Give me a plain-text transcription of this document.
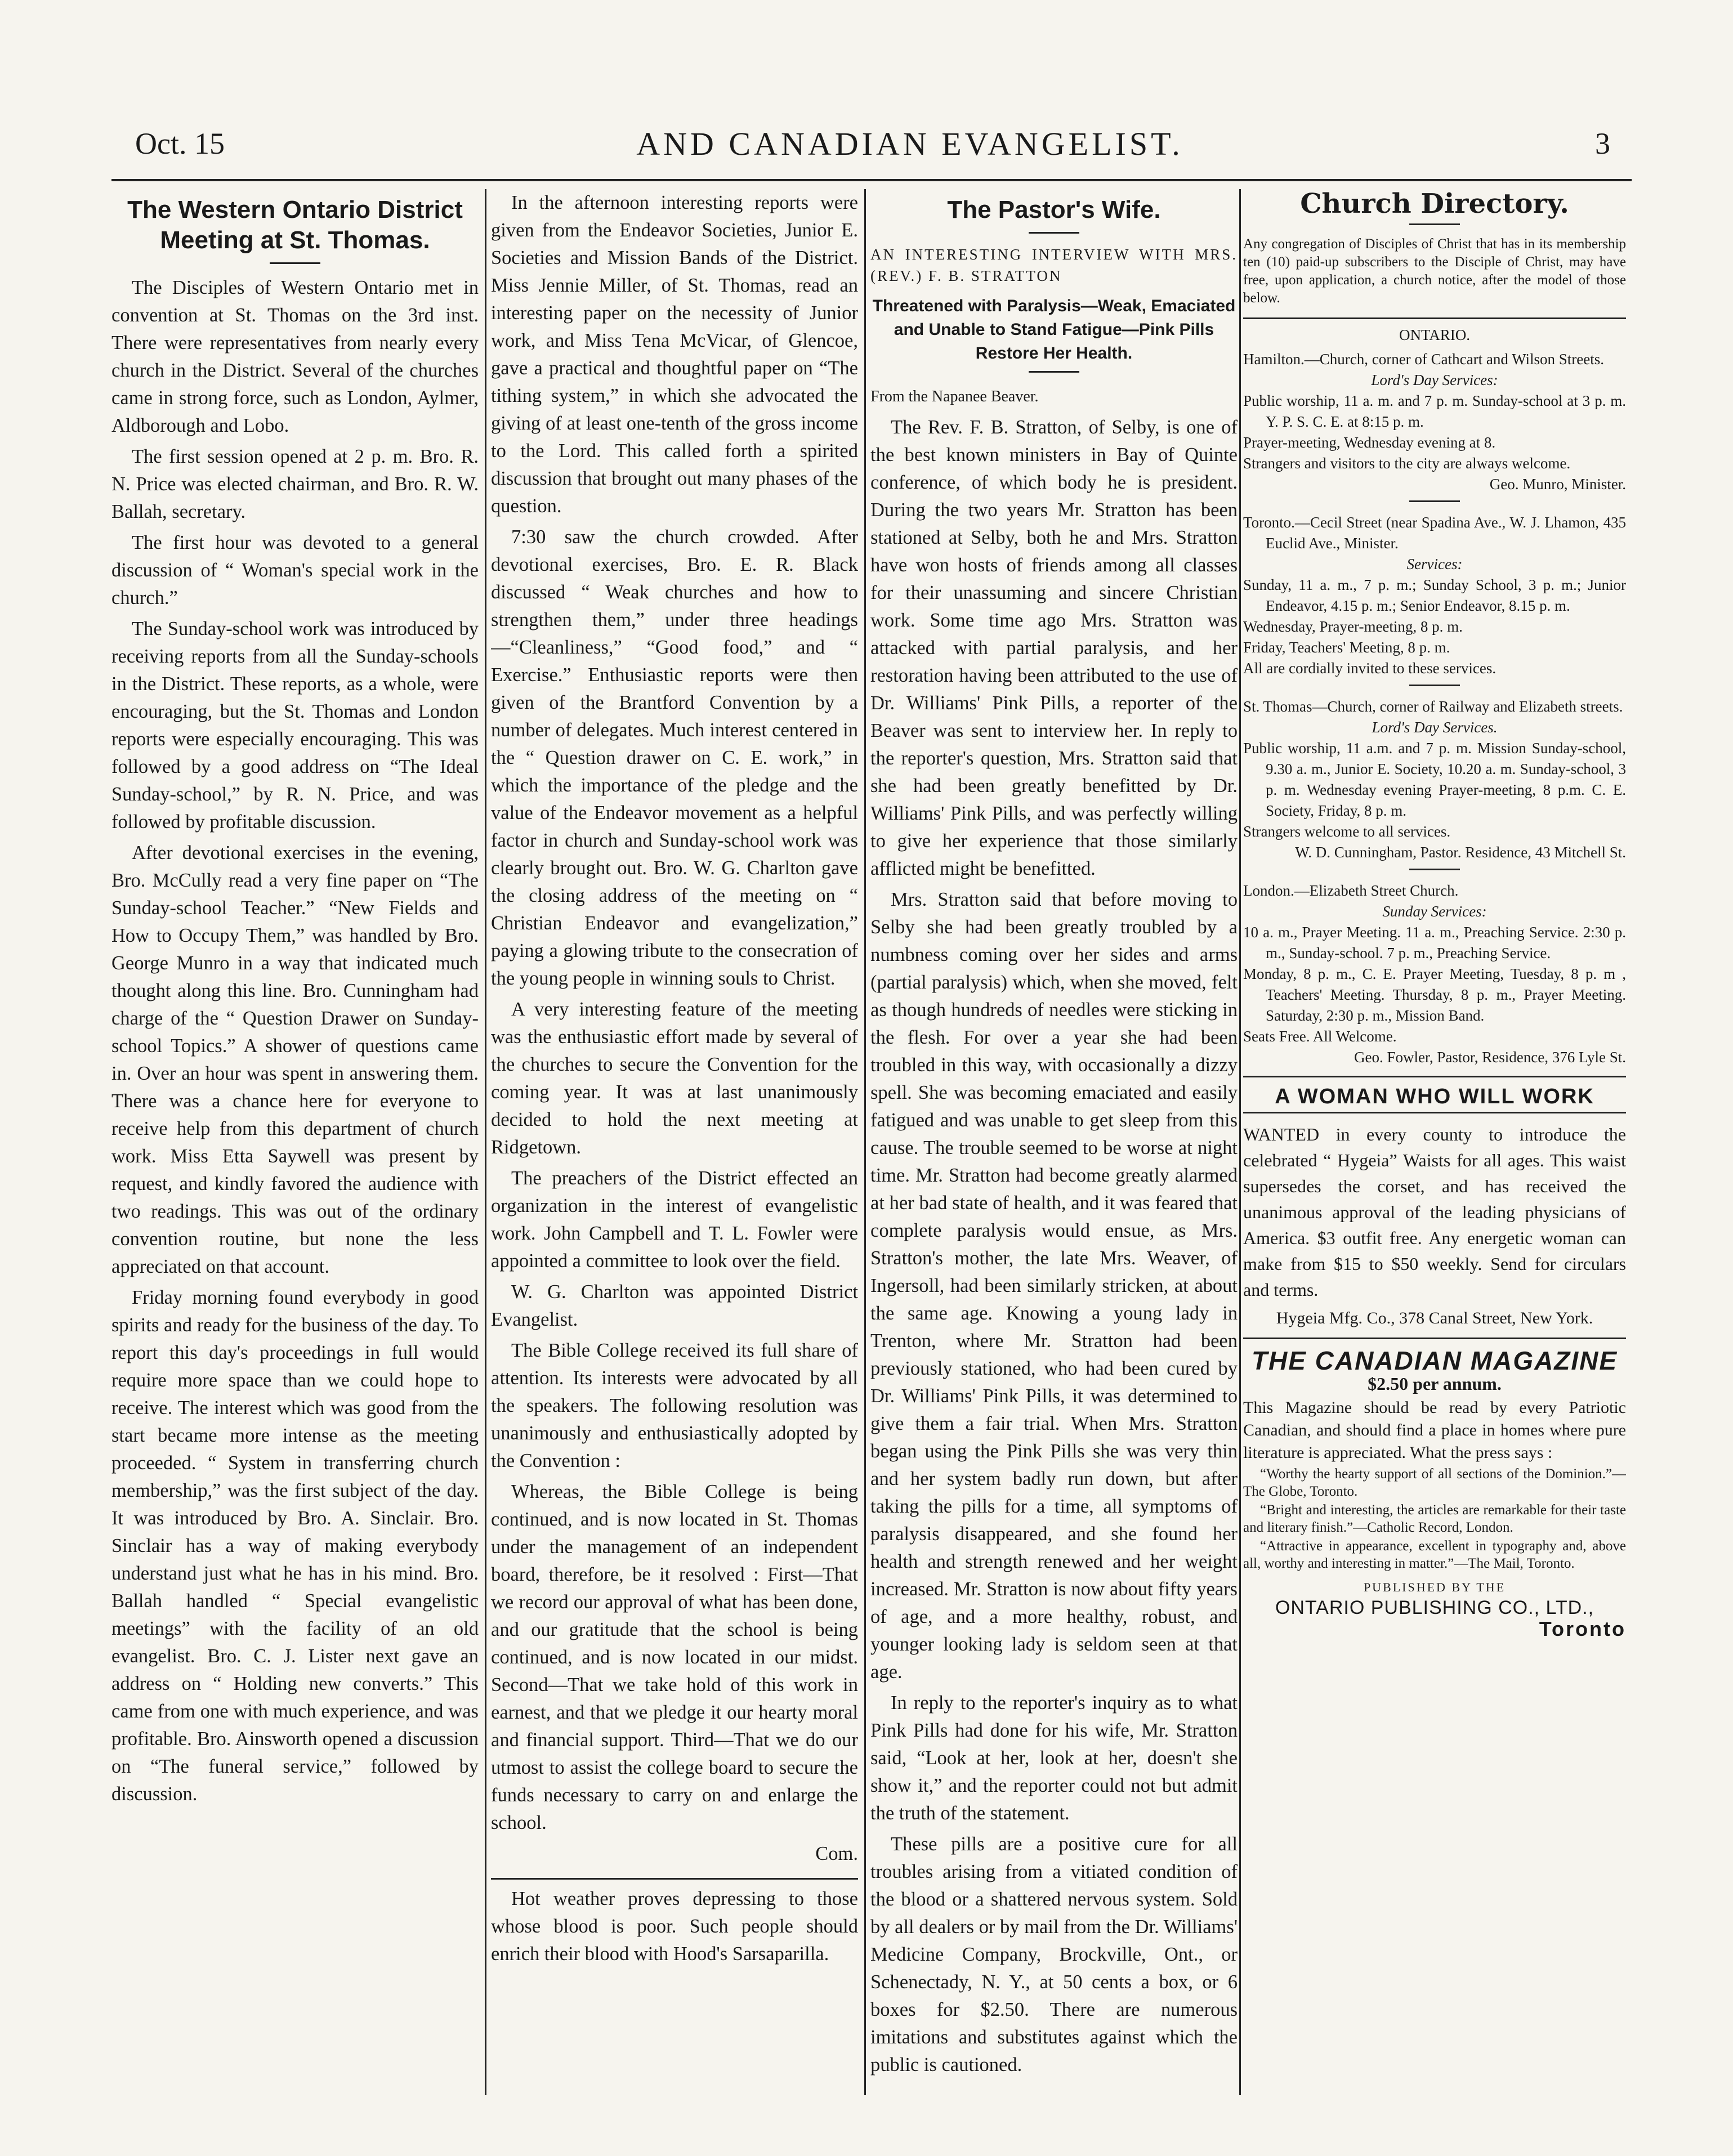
Oct. 15	AND CANADIAN EVANGELIST.	3
The Western Ontario District Meeting at St. Thomas.

The Disciples of Western Ontario met in convention at St. Thomas on the 3rd inst. There were representatives from nearly every church in the District. Several of the churches came in strong force, such as London, Aylmer, Aldborough and Lobo.

The first session opened at 2 p. m. Bro. R. N. Price was elected chairman, and Bro. R. W. Ballah, secretary.

The first hour was devoted to a general discussion of “ Woman's special work in the church.”

The Sunday-school work was introduced by receiving reports from all the Sunday-schools in the District. These reports, as a whole, were encouraging, but the St. Thomas and London reports were especially encouraging. This was followed by a good address on “The Ideal Sunday-school,” by R. N. Price, and was followed by profitable discussion.

After devotional exercises in the evening, Bro. McCully read a very fine paper on “The Sunday-school Teacher.” “New Fields and How to Occupy Them,” was handled by Bro. George Munro in a way that indicated much thought along this line. Bro. Cunningham had charge of the “ Question Drawer on Sunday-school Topics.” A shower of questions came in. Over an hour was spent in answering them. There was a chance here for everyone to receive help from this department of church work. Miss Etta Saywell was present by request, and kindly favored the audience with two readings. This was out of the ordinary convention routine, but none the less appreciated on that account.

Friday morning found everybody in good spirits and ready for the business of the day. To report this day's proceedings in full would require more space than we could hope to receive. The interest which was good from the start became more intense as the meeting proceeded. “ System in transferring church membership,” was the first subject of the day. It was introduced by Bro. A. Sinclair. Bro. Sinclair has a way of making everybody understand just what he has in his mind. Bro. Ballah handled “ Special evangelistic meetings” with the facility of an old evangelist. Bro. C. J. Lister next gave an address on “ Holding new converts.” This came from one with much experience, and was profitable. Bro. Ainsworth opened a discussion on “The funeral service,” followed by discussion.

In the afternoon interesting reports were given from the Endeavor Societies, Junior E. Societies and Mission Bands of the District. Miss Jennie Miller, of St. Thomas, read an interesting paper on the necessity of Junior work, and Miss Tena McVicar, of Glencoe, gave a practical and thoughtful paper on “The tithing system,” in which she advocated the giving of at least one-tenth of the gross income to the Lord. This called forth a spirited discussion that brought out many phases of the question.

7:30 saw the church crowded. After devotional exercises, Bro. E. R. Black discussed “ Weak churches and how to strengthen them,” under three headings—“Cleanliness,” “Good food,” and “ Exercise.” Enthusiastic reports were then given of the Brantford Convention by a number of delegates. Much interest centered in the “ Question drawer on C. E. work,” in which the importance of the pledge and the value of the Endeavor movement as a helpful factor in church and Sunday-school work was clearly brought out. Bro. W. G. Charlton gave the closing address of the meeting on “ Christian Endeavor and evangelization,” paying a glowing tribute to the consecration of the young people in winning souls to Christ.

A very interesting feature of the meeting was the enthusiastic effort made by several of the churches to secure the Convention for the coming year. It was at last unanimously decided to hold the next meeting at Ridgetown.

The preachers of the District effected an organization in the interest of evangelistic work. John Campbell and T. L. Fowler were appointed a committee to look over the field.

W. G. Charlton was appointed District Evangelist.

The Bible College received its full share of attention. Its interests were advocated by all the speakers. The following resolution was unanimously and enthusiastically adopted by the Convention :

Whereas, the Bible College is being continued, and is now located in St. Thomas under the management of an independent board, therefore, be it resolved : First—That we record our approval of what has been done, and our gratitude that the school is being continued, and is now located in our midst. Second—That we take hold of this work in earnest, and that we pledge it our hearty moral and financial support. Third—That we do our utmost to assist the college board to secure the funds necessary to carry on and enlarge the school.

Com.

Hot weather proves depressing to those whose blood is poor. Such people should enrich their blood with Hood's Sarsaparilla.

The Pastor's Wife.

AN INTERESTING INTERVIEW WITH MRS. (REV.) F. B. STRATTON

Threatened with Paralysis—Weak, Emaciated and Unable to Stand Fatigue—Pink Pills Restore Her Health.

From the Napanee Beaver.

The Rev. F. B. Stratton, of Selby, is one of the best known ministers in Bay of Quinte conference, of which body he is president. During the two years Mr. Stratton has been stationed at Selby, both he and Mrs. Stratton have won hosts of friends among all classes for their unassuming and sincere Christian work. Some time ago Mrs. Stratton was attacked with partial paralysis, and her restoration having been attributed to the use of Dr. Williams' Pink Pills, a reporter of the Beaver was sent to interview her. In reply to the reporter's question, Mrs. Stratton said that she had been greatly benefitted by Dr. Williams' Pink Pills, and was perfectly willing to give her experience that those similarly afflicted might be benefitted.

Mrs. Stratton said that before moving to Selby she had been greatly troubled by a numbness coming over her sides and arms (partial paralysis) which, when she moved, felt as though hundreds of needles were sticking in the flesh. For over a year she had been troubled in this way, with occasionally a dizzy spell. She was becoming emaciated and easily fatigued and was unable to get sleep from this cause. The trouble seemed to be worse at night time. Mr. Stratton had become greatly alarmed at her bad state of health, and it was feared that complete paralysis would ensue, as Mrs. Stratton's mother, the late Mrs. Weaver, of Ingersoll, had been similarly stricken, at about the same age. Knowing a young lady in Trenton, where Mr. Stratton had been previously stationed, who had been cured by Dr. Williams' Pink Pills, it was determined to give them a fair trial. When Mrs. Stratton began using the Pink Pills she was very thin and her system badly run down, but after taking the pills for a time, all symptoms of paralysis disappeared, and she found her health and strength renewed and her weight increased. Mr. Stratton is now about fifty years of age, and a more healthy, robust, and younger looking lady is seldom seen at that age.

In reply to the reporter's inquiry as to what Pink Pills had done for his wife, Mr. Stratton said, “Look at her, look at her, doesn't she show it,” and the reporter could not but admit the truth of the statement.

These pills are a positive cure for all troubles arising from a vitiated condition of the blood or a shattered nervous system. Sold by all dealers or by mail from the Dr. Williams' Medicine Company, Brockville, Ont., or Schenectady, N. Y., at 50 cents a box, or 6 boxes for $2.50. There are numerous imitations and substitutes against which the public is cautioned.

Church Directory.
Any congregation of Disciples of Christ that has in its membership ten (10) paid-up subscribers to the Disciple of Christ, may have free, upon application, a church notice, after the model of those below.
ONTARIO.
Hamilton.—Church, corner of Cathcart and Wilson Streets.
Lord's Day Services:
Public worship, 11 a. m. and 7 p. m. Sunday-school at 3 p. m. Y. P. S. C. E. at 8:15 p. m.
Prayer-meeting, Wednesday evening at 8.
Strangers and visitors to the city are always welcome.
Geo. Munro, Minister.
Toronto.—Cecil Street (near Spadina Ave., W. J. Lhamon, 435 Euclid Ave., Minister.
Services:
Sunday, 11 a. m., 7 p. m.; Sunday School, 3 p. m.; Junior Endeavor, 4.15 p. m.; Senior Endeavor, 8.15 p. m.
Wednesday, Prayer-meeting, 8 p. m.
Friday, Teachers' Meeting, 8 p. m.
All are cordially invited to these services.
St. Thomas—Church, corner of Railway and Elizabeth streets.
Lord's Day Services.
Public worship, 11 a.m. and 7 p. m. Mission Sunday-school, 9.30 a. m., Junior E. Society, 10.20 a. m. Sunday-school, 3 p. m. Wednesday evening Prayer-meeting, 8 p.m. C. E. Society, Friday, 8 p. m.
Strangers welcome to all services.
W. D. Cunningham, Pastor. Residence, 43 Mitchell St.
London.—Elizabeth Street Church.
Sunday Services:
10 a. m., Prayer Meeting. 11 a. m., Preaching Service. 2:30 p. m., Sunday-school. 7 p. m., Preaching Service.
Monday, 8 p. m., C. E. Prayer Meeting, Tuesday, 8 p. m , Teachers' Meeting. Thursday, 8 p. m., Prayer Meeting. Saturday, 2:30 p. m., Mission Band.
Seats Free. All Welcome.
Geo. Fowler, Pastor, Residence, 376 Lyle St.
A WOMAN WHO WILL WORK
WANTED in every county to introduce the celebrated “ Hygeia” Waists for all ages. This waist supersedes the corset, and has received the unanimous approval of the leading physicians of America. $3 outfit free. Any energetic woman can make from $15 to $50 weekly. Send for circulars and terms.
Hygeia Mfg. Co., 378 Canal Street, New York.
THE CANADIAN MAGAZINE
$2.50 per annum.
This Magazine should be read by every Patriotic Canadian, and should find a place in homes where pure literature is appreciated. What the press says :
“Worthy the hearty support of all sections of the Dominion.”—The Globe, Toronto.
“Bright and interesting, the articles are remarkable for their taste and literary finish.”—Catholic Record, London.
“Attractive in appearance, excellent in typography and, above all, worthy and interesting in matter.”—The Mail, Toronto.
PUBLISHED BY THE
ONTARIO PUBLISHING CO., LTD.,
Toronto
